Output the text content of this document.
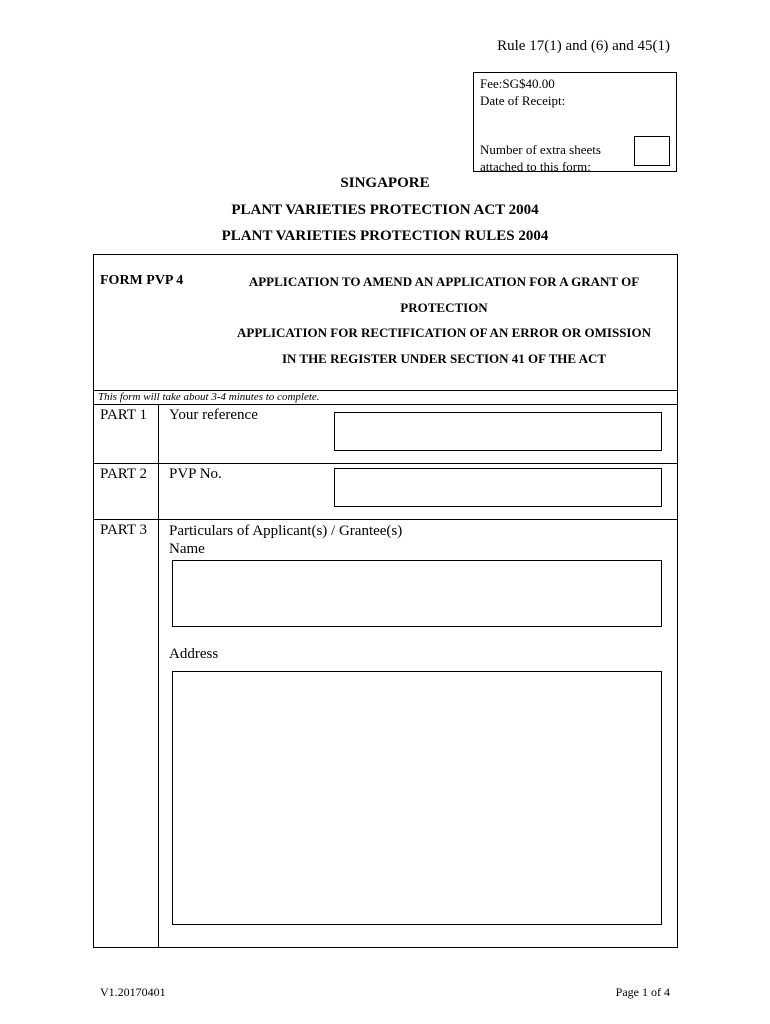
Rule 17(1) and (6) and 45(1)
Fee:SG$40.00
Date of Receipt:
Number of extra sheets attached to this form:
SINGAPORE
PLANT VARIETIES PROTECTION ACT 2004
PLANT VARIETIES PROTECTION RULES 2004
FORM PVP 4	APPLICATION TO AMEND AN APPLICATION FOR A GRANT OF
PROTECTION
APPLICATION FOR RECTIFICATION OF AN ERROR OR OMISSION
IN THE REGISTER UNDER SECTION 41 OF THE ACT
This form will take about 3-4 minutes to complete.
PART 1 Your reference
PART 2 PVP No.
PART 3 Particulars of Applicant(s) / Grantee(s)
Name
Address
V1.20170401	Page 1 of 4
